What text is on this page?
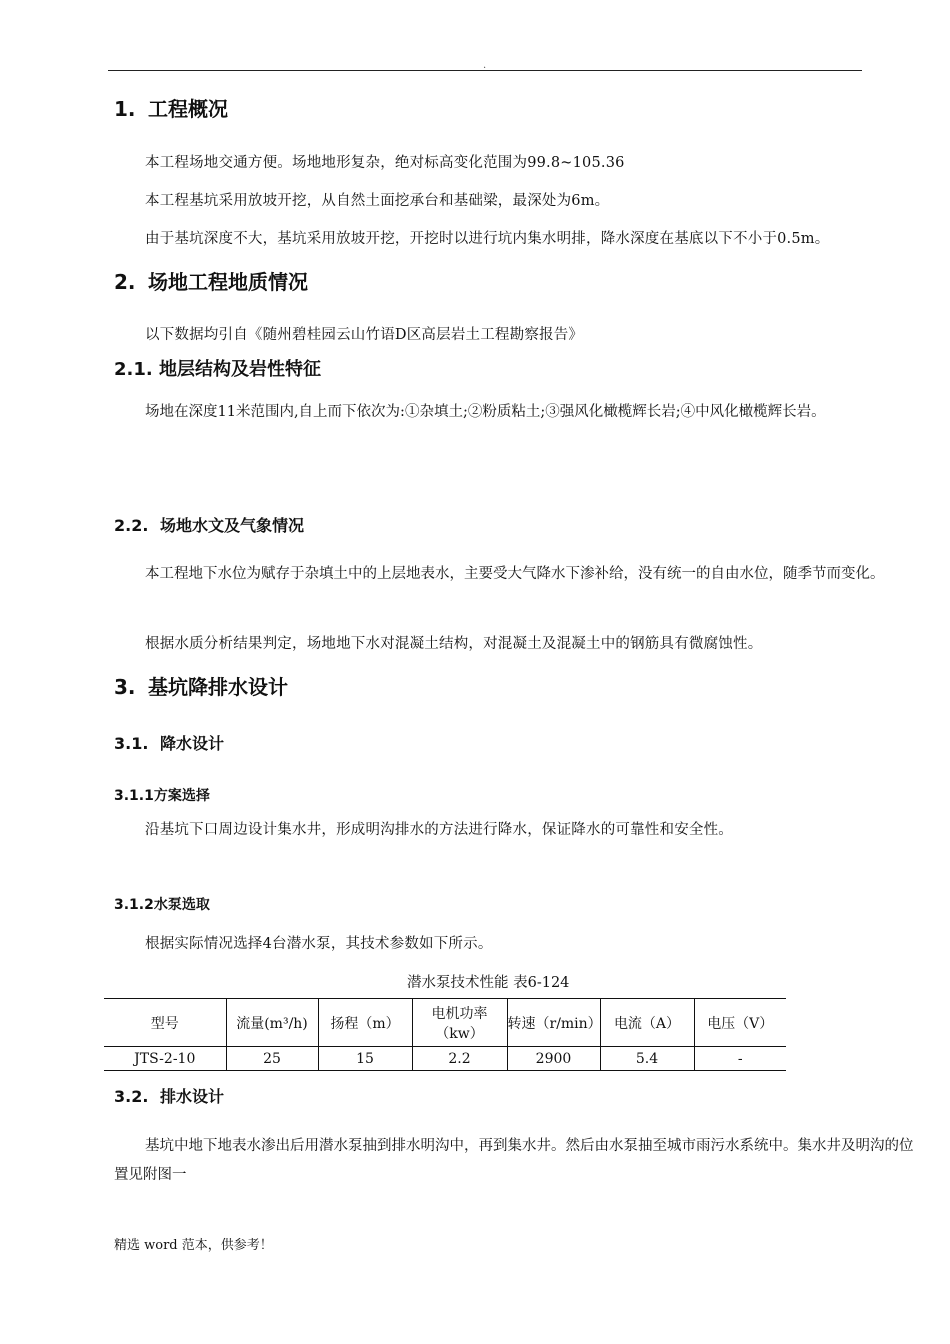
.
1. 工程概况
本工程场地交通方便。场地地形复杂，绝对标高变化范围为99.8~105.36
本工程基坑采用放坡开挖，从自然土面挖承台和基础梁，最深处为6m。
由于基坑深度不大，基坑采用放坡开挖，开挖时以进行坑内集水明排，降水深度在基底以下不小于0.5m。
2. 场地工程地质情况
以下数据均引自《随州碧桂园云山竹语D区高层岩土工程勘察报告》
2.1. 地层结构及岩性特征
场地在深度11米范围内,自上而下依次为:①杂填土;②粉质粘土;③强风化橄榄辉长岩;④中风化橄榄辉长岩。
2.2. 场地水文及气象情况
本工程地下水位为赋存于杂填土中的上层地表水，主要受大气降水下渗补给，没有统一的自由水位，随季节而变化。
根据水质分析结果判定，场地地下水对混凝土结构，对混凝土及混凝土中的钢筋具有微腐蚀性。
3. 基坑降排水设计
3.1. 降水设计
3.1.1方案选择
沿基坑下口周边设计集水井，形成明沟排水的方法进行降水，保证降水的可靠性和安全性。
3.1.2水泵选取
根据实际情况选择4台潜水泵，其技术参数如下所示。
潜水泵技术性能 表6-124
型号	流量(m³/h)	扬程（m）	电机功率（kw）	转速（r/min）	电流（A）	电压（V）
JTS-2-10	25	15	2.2	2900	5.4	-
3.2. 排水设计
基坑中地下地表水渗出后用潜水泵抽到排水明沟中，再到集水井。然后由水泵抽至城市雨污水系统中。集水井及明沟的位置见附图一
精选 word 范本，供参考！
